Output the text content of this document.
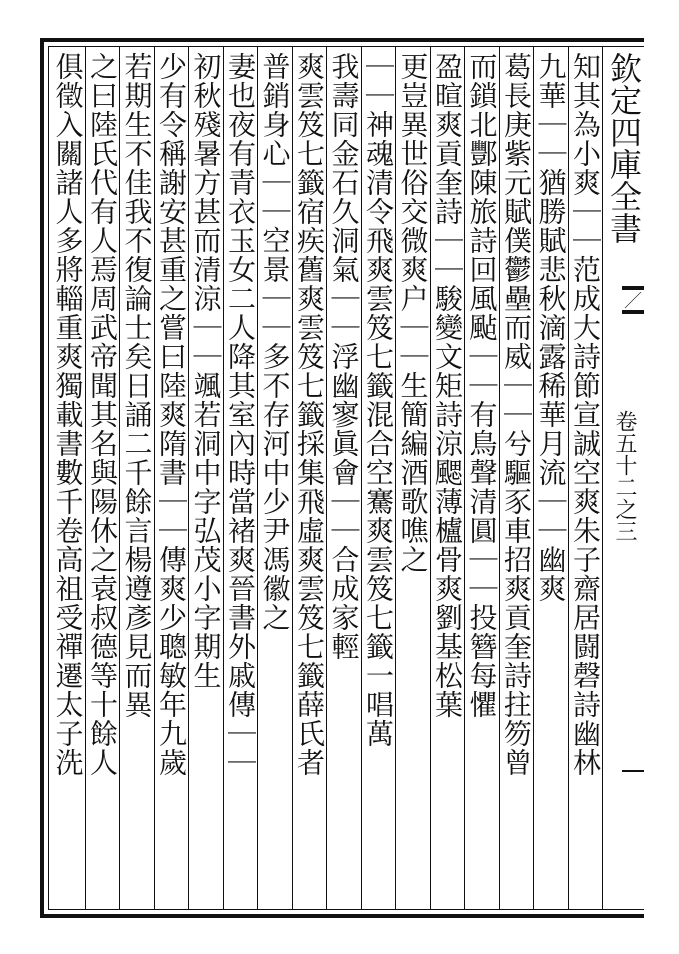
欽定四庫全書
卷五十二之三
知其為小爽｜｜范成大詩節宣誠空爽朱子齋居闘磬詩幽林
九華｜｜猶勝賦悲秋滴露稀華月流｜｜幽爽
葛長庚紫元賦僕鬱壘而威｜｜兮驅豕車招爽貢奎詩拄笏曾
而鎖北酆陳旅詩回風颭｜｜有鳥聲清圓｜｜投簪每懼
盈暄爽貢奎詩｜｜駿變文矩詩涼颸薄櫨骨爽劉基松葉
更豈異世俗交微爽户｜｜生簡編酒歌噍之
｜｜神魂清令飛爽雲笈七籤混合空騫爽雲笈七籤一唱萬
我壽同金石久洞氣｜｜浮幽寥眞會｜｜合成家輕
爽雲笈七籤宿疾舊爽雲笈七籤採集飛虛爽雲笈七籤薛氏者
普銷身心｜｜空景｜｜多不存河中少尹馮徽之
妻也夜有青衣玉女二人降其室內時當褚爽晉書外戚傳｜｜
初秋殘暑方甚而清涼｜｜颯若洞中字弘茂小字期生
少有令稱謝安甚重之嘗曰陸爽隋書｜｜傳爽少聰敏年九歲
若期生不佳我不復論士矣日誦二千餘言楊遵彥見而異
之曰陸氏代有人焉周武帝聞其名與陽休之袁叔德等十餘人
俱徵入關諸人多將輜重爽獨載書數千卷高祖受禪遷太子洗
